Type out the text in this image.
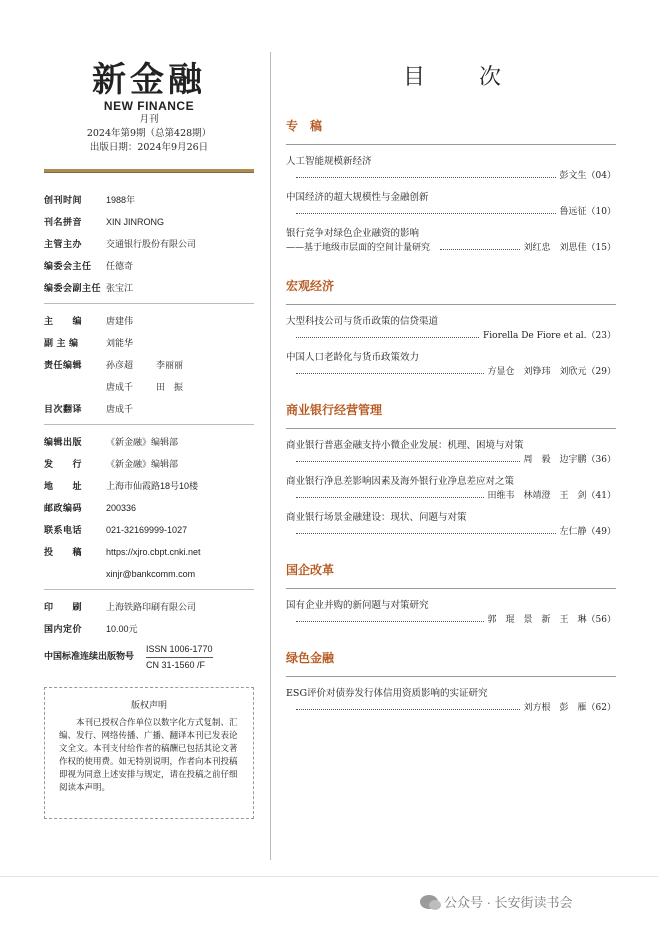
新金融
NEW FINANCE
月刊
2024年第9期（总第428期）
出版日期：2024年9月26日
创刊时间	1988年
刊名拼音	XIN JINRONG
主管主办	交通银行股份有限公司
编委会主任	任德奇
编委会副主任 张宝江
主　　编	唐建伟
副 主 编	刘能华
责任编辑	孙彦超	李丽丽
唐成千	田　振
目次翻译	唐成千
编辑出版	《新金融》编辑部
发　　行	《新金融》编辑部
地　　址	上海市仙霞路18号10楼
邮政编码	200336
联系电话	021-32169999-1027
投　　稿	https://xjro.cbpt.cnki.net
xinjr@bankcomm.com
印　　刷	上海铁路印刷有限公司
国内定价	10.00元
中国标准连续出版物号
ISSN 1006-1770
CN 31-1560 /F
版权声明
本刊已授权合作单位以数字化方式复制、汇编、发行、网络传播、广播、翻译本刊已发表论文全文。本刊支付给作者的稿酬已包括其论文著作权的使用费。如无特别说明，作者向本刊投稿即视为同意上述安排与规定，请在投稿之前仔细阅读本声明。
目　次
专　稿
人工智能规模新经济
彭文生（04）
中国经济的超大规模性与金融创新
鲁远征（10）
银行竞争对绿色企业融资的影响
——基于地级市层面的空间计量研究	刘红忠　刘思佳（15）
宏观经济
大型科技公司与货币政策的信贷渠道
Fiorella De Fiore et al.（23）
中国人口老龄化与货币政策效力
方显仓　刘铮玮　刘欣元（29）
商业银行经营管理
商业银行普惠金融支持小微企业发展：机理、困境与对策
周　毅　边宇鹏（36）
商业银行净息差影响因素及海外银行业净息差应对之策
田维韦　林靖澄　王　剑（41）
商业银行场景金融建设：现状、问题与对策
左仁静（49）
国企改革
国有企业并购的新问题与对策研究
郭　琨　景　新　王　琳（56）
绿色金融
ESG评价对债券发行体信用资质影响的实证研究
刘方根　彭　雁（62）
公众号 · 长安街读书会
